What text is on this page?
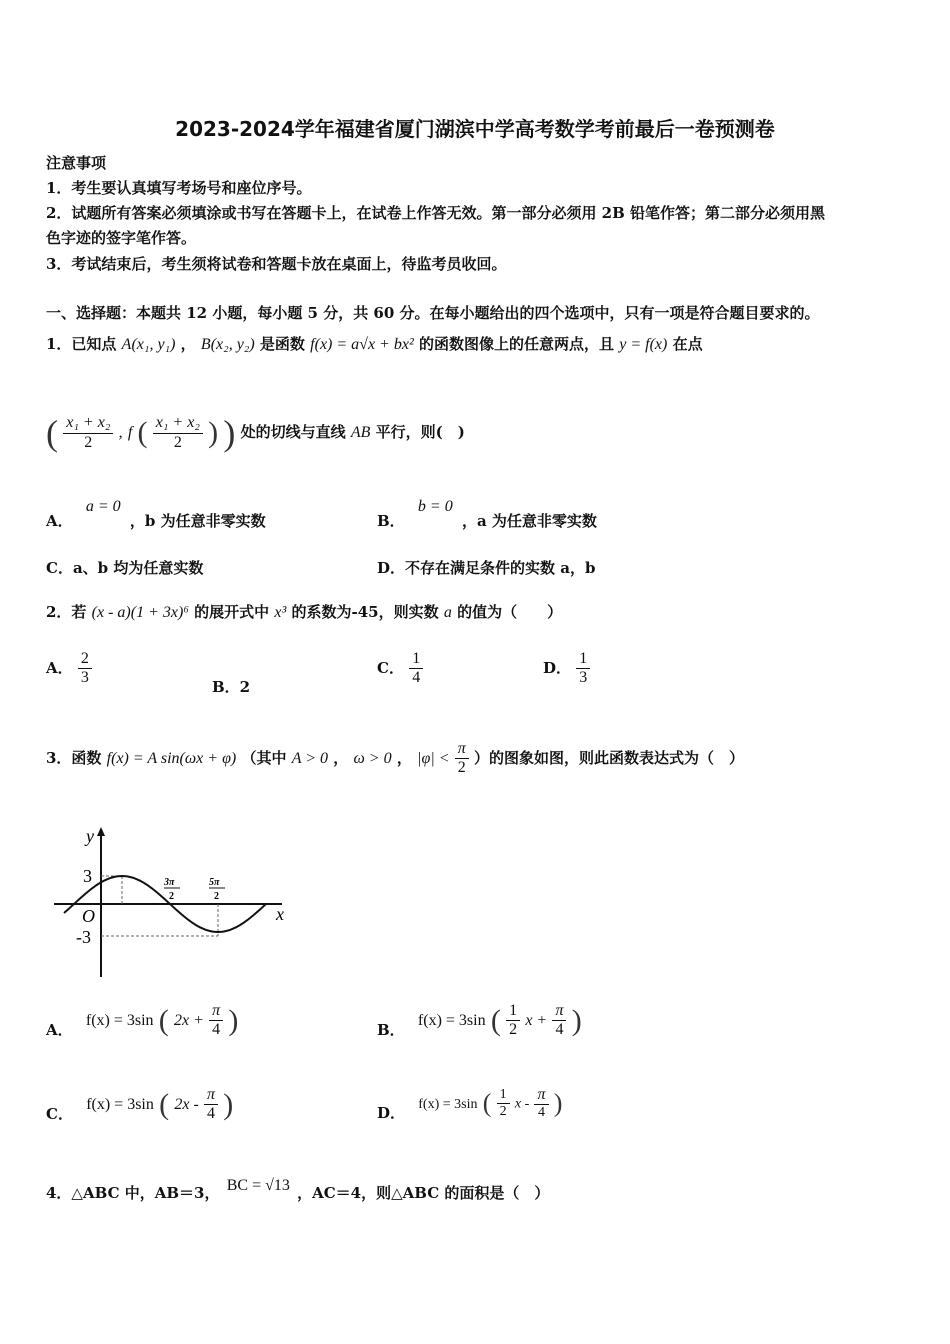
2023-2024学年福建省厦门湖滨中学高考数学考前最后一卷预测卷
注意事项
1．考生要认真填写考场号和座位序号。
2．试题所有答案必须填涂或书写在答题卡上，在试卷上作答无效。第一部分必须用 2B 铅笔作答；第二部分必须用黑
色字迹的签字笔作答。
3．考试结束后，考生须将试卷和答题卡放在桌面上，待监考员收回。
一、选择题：本题共 12 小题，每小题 5 分，共 60 分。在每小题给出的四个选项中，只有一项是符合题目要求的。
1．已知点 A(x₁, y₁) ， B(x₂, y₂) 是函数 f(x) = a√x + bx² 的函数图像上的任意两点，且 y = f(x) 在点
( $\frac{\text{x₁ + x₂}}{2}$ , f ( $\frac{\text{x₁ + x₂}}{2}$ ) ) 处的切线与直线 AB 平行，则(　)
A． a = 0 ，b 为任意非零实数	B． b = 0 ，a 为任意非零实数
C．a、b 均为任意实数	D．不存在满足条件的实数 a，b
2．若 (x - a)(1 + 3x)⁶ 的展开式中 x³ 的系数为-45，则实数 a 的值为（　　）
A． $\frac{2}{3}$	B．2
C． $\frac{1}{4}$	D． $\frac{1}{3}$
3．函数 f(x) = A sin(ωx + φ) （其中 A > 0 ， ω > 0 ， $|\varphi| < \frac{\pi}{2}$ ）的图象如图，则此函数表达式为（　）
y
x
O
3
-3
3π
2
5π
2
A． f(x) = 3sin ( $2x + \frac{\pi}{4}$ )	B． f(x) = 3sin ( $\frac{1}{2}$ $x + \frac{\pi}{4}$ )
C． f(x) = 3sin ( $2x - \frac{\pi}{4}$ )	D． f(x) = 3sin ( $\frac{1}{2}$ x - $\frac{\pi}{4}$ )
4．△ABC 中，AB＝3， BC = √13 ，AC＝4，则△ABC 的面积是（　）
